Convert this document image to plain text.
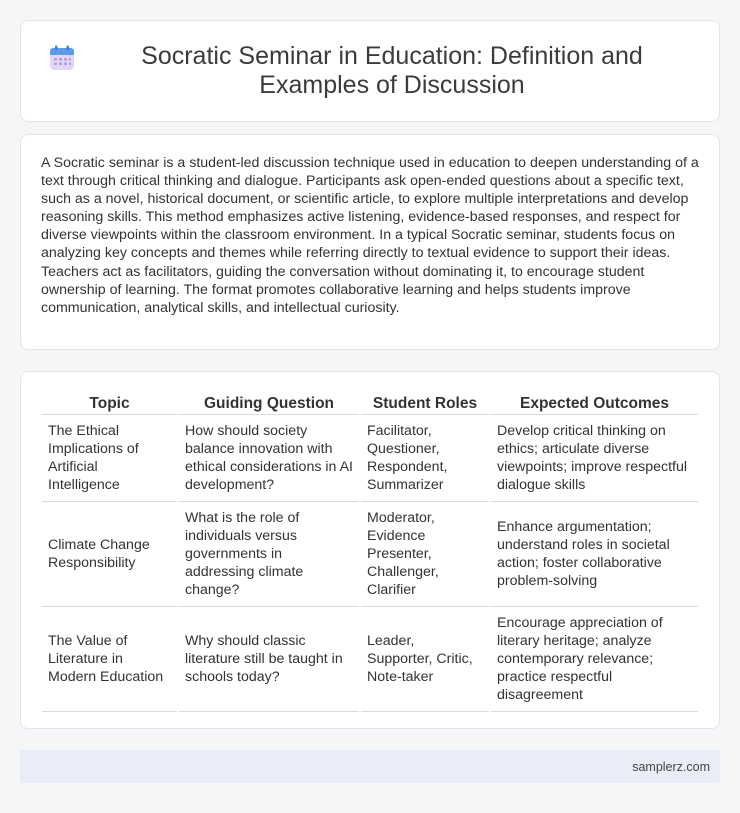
Socratic Seminar in Education: Definition and Examples of Discussion

A Socratic seminar is a student-led discussion technique used in education to deepen understanding of a text through critical thinking and dialogue. Participants ask open-ended questions about a specific text, such as a novel, historical document, or scientific article, to explore multiple interpretations and develop reasoning skills. This method emphasizes active listening, evidence-based responses, and respect for diverse viewpoints within the classroom environment. In a typical Socratic seminar, students focus on analyzing key concepts and themes while referring directly to textual evidence to support their ideas. Teachers act as facilitators, guiding the conversation without dominating it, to encourage student ownership of learning. The format promotes collaborative learning and helps students improve communication, analytical skills, and intellectual curiosity.

Topic	Guiding Question	Student Roles	Expected Outcomes
The Ethical Implications of Artificial Intelligence	How should society balance innovation with ethical considerations in AI development?	Facilitator, Questioner, Respondent, Summarizer	Develop critical thinking on ethics; articulate diverse viewpoints; improve respectful dialogue skills
Climate Change Responsibility	What is the role of individuals versus governments in addressing climate change?	Moderator, Evidence Presenter, Challenger, Clarifier	Enhance argumentation; understand roles in societal action; foster collaborative problem-solving
The Value of Literature in Modern Education	Why should classic literature still be taught in schools today?	Leader, Supporter, Critic, Note-taker	Encourage appreciation of literary heritage; analyze contemporary relevance; practice respectful disagreement
samplerz.com
